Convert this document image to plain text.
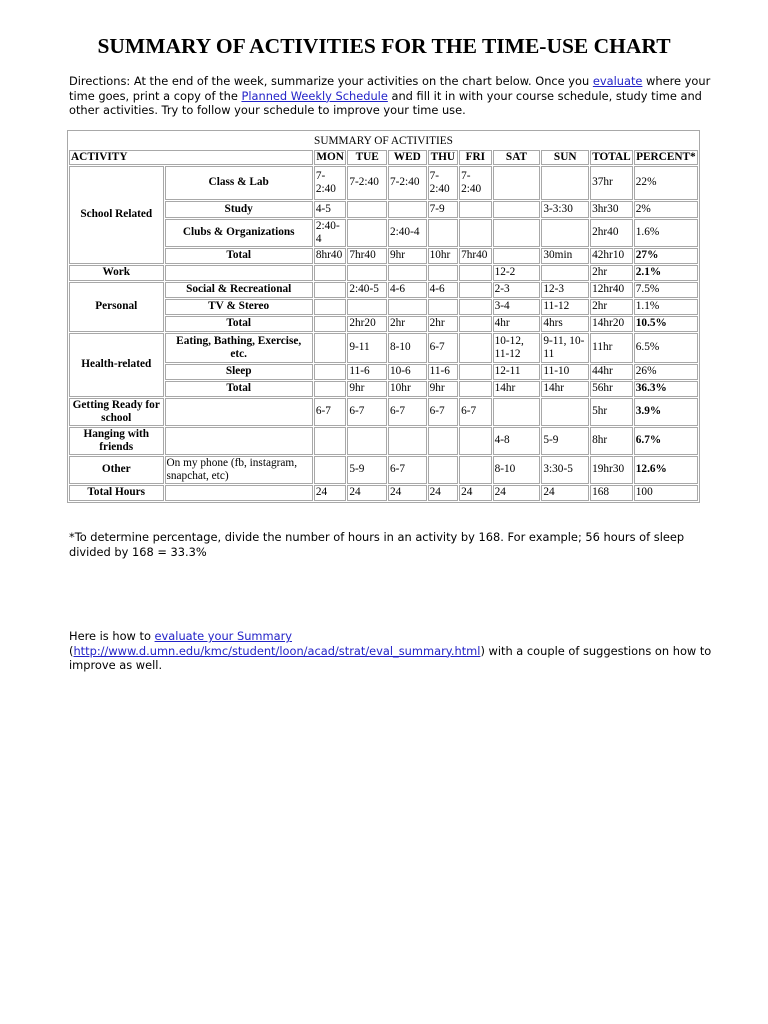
SUMMARY OF ACTIVITIES FOR THE TIME-USE CHART

Directions: At the end of the week, summarize your activities on the chart below. Once you evaluate where your time goes, print a copy of the Planned Weekly Schedule and fill it in with your course schedule, study time and other activities. Try to follow your schedule to improve your time use.

SUMMARY OF ACTIVITIES										
ACTIVITY		MON	TUE	WED	THU	FRI	SAT	SUN	TOTAL	PERCENT*
School Related	Class & Lab	7-2:40	7-2:40	7-2:40	7-2:40	7-2:40			37hr	22%
	Study	4-5			7-9			3-3:30	3hr30	2%
	Clubs & Organizations	2:40-4		2:40-4					2hr40	1.6%
	Total	8hr40	7hr40	9hr	10hr	7hr40		30min	42hr10	27%
Work							12-2		2hr	2.1%
Personal	Social & Recreational		2:40-5	4-6	4-6		2-3	12-3	12hr40	7.5%
	TV & Stereo						3-4	11-12	2hr	1.1%
	Total		2hr20	2hr	2hr		4hr	4hrs	14hr20	10.5%
Health-related	Eating, Bathing, Exercise, etc.		9-11	8-10	6-7		10-12, 11-12	9-11, 10-11	11hr	6.5%
	Sleep		11-6	10-6	11-6		12-11	11-10	44hr	26%
	Total		9hr	10hr	9hr		14hr	14hr	56hr	36.3%
Getting Ready for school		6-7	6-7	6-7	6-7	6-7			5hr	3.9%
Hanging with friends							4-8	5-9	8hr	6.7%
Other	On my phone (fb, instagram, snapchat, etc)		5-9	6-7			8-10	3:30-5	19hr30	12.6%
Total Hours		24	24	24	24	24	24	24	168	100

*To determine percentage, divide the number of hours in an activity by 168. For example; 56 hours of sleep divided by 168 = 33.3%

Here is how to evaluate your Summary
(http://www.d.umn.edu/kmc/student/loon/acad/strat/eval_summary.html) with a couple of suggestions on how to improve as well.
